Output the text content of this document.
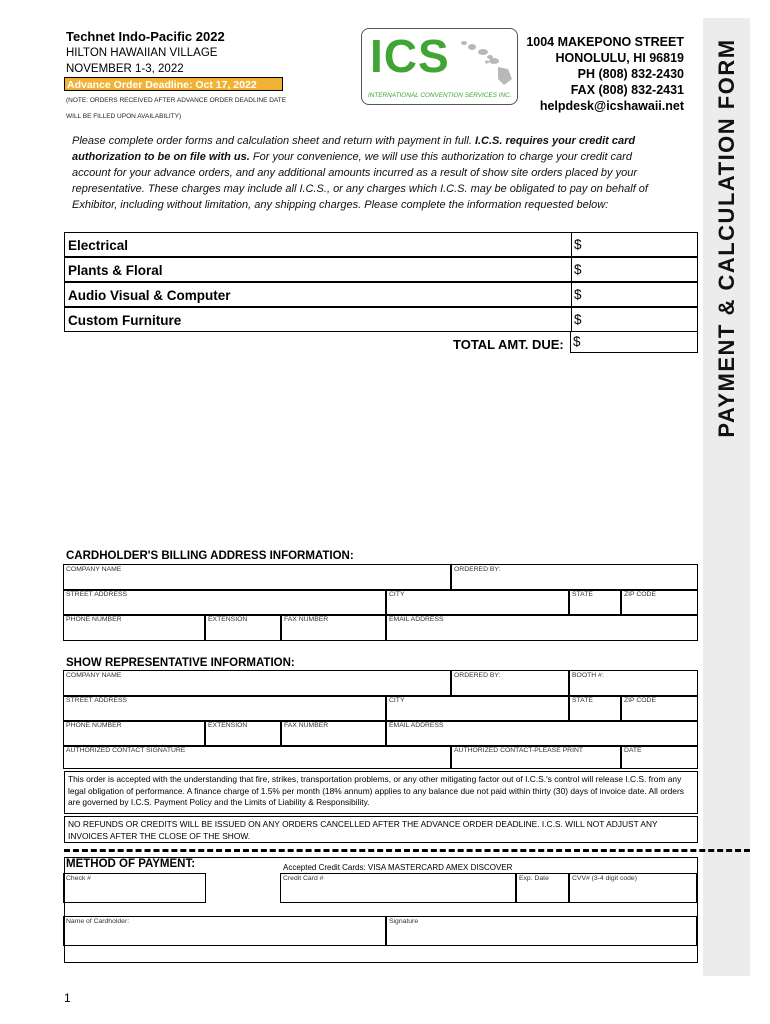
Technet Indo-Pacific 2022
HILTON HAWAIIAN VILLAGE
NOVEMBER 1-3, 2022
Advance Order Deadline: Oct 17, 2022
(NOTE: ORDERS RECEIVED AFTER ADVANCE ORDER DEADLINE DATE
WILL BE FILLED UPON AVAILABILITY)
ICS
INTERNATIONAL CONVENTION SERVICES INC.
1004 MAKEPONO STREET
HONOLULU, HI 96819
PH (808) 832-2430
FAX (808) 832-2431
helpdesk@icshawaii.net PAYMENT & CALCULATION FORM
Please complete order forms and calculation sheet and return with payment in full. I.C.S. requires your credit card authorization to be on file with us. For your convenience, we will use this authorization to charge your credit card account for your advance orders, and any additional amounts incurred as a result of show site orders placed by your representative. These charges may include all I.C.S., or any charges which I.C.S. may be obligated to pay on behalf of Exhibitor, including without limitation, any shipping charges. Please complete the information requested below:
Electrical	$
Plants & Floral	$
Audio Visual & Computer	$
Custom Furniture	$
TOTAL AMT. DUE: $
CARDHOLDER'S BILLING ADDRESS INFORMATION:
COMPANY NAME	ORDERED BY:
STREET ADDRESS	CITY	STATE	ZIP CODE
PHONE NUMBER	EXTENSION	FAX NUMBER	EMAIL ADDRESS
SHOW REPRESENTATIVE INFORMATION:
COMPANY NAME	ORDERED BY:	BOOTH #:
STREET ADDRESS	CITY	STATE	ZIP CODE
PHONE NUMBER	EXTENSION	FAX NUMBER	EMAIL ADDRESS
AUTHORIZED CONTACT SIGNATURE	AUTHORIZED CONTACT-PLEASE PRINT	DATE
This order is accepted with the understanding that fire, strikes, transportation problems, or any other mitigating factor out of I.C.S.'s control will release I.C.S. from any legal obligation of performance. A finance charge of 1.5% per month (18% annum) applies to any balance due not paid within thirty (30) days of invoice date. All orders are governed by I.C.S. Payment Policy and the Limits of Liability & Responsibility.
NO REFUNDS OR CREDITS WILL BE ISSUED ON ANY ORDERS CANCELLED AFTER THE ADVANCE ORDER DEADLINE. I.C.S. WILL NOT ADJUST ANY INVOICES AFTER THE CLOSE OF THE SHOW.
METHOD OF PAYMENT:	Accepted Credit Cards: VISA MASTERCARD AMEX DISCOVER
Check #	Credit Card #	Exp. Date	CVV# (3-4 digit code)
Name of Cardholder:	Signature
1
